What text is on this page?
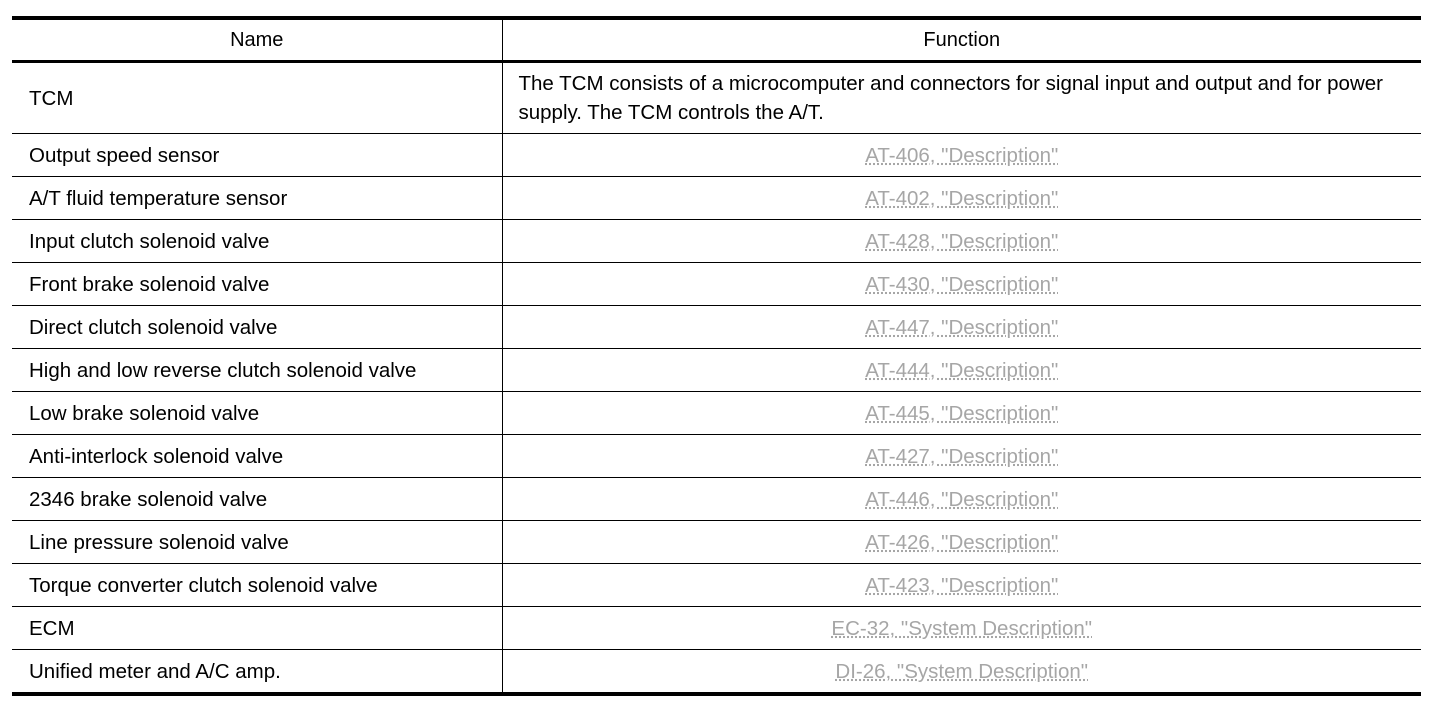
Name	Function
TCM	The TCM consists of a microcomputer and connectors for signal input and output and for power supply. The TCM controls the A/T.
Output speed sensor	AT-406, "Description"
A/T fluid temperature sensor	AT-402, "Description"
Input clutch solenoid valve	AT-428, "Description"
Front brake solenoid valve	AT-430, "Description"
Direct clutch solenoid valve	AT-447, "Description"
High and low reverse clutch solenoid valve	AT-444, "Description"
Low brake solenoid valve	AT-445, "Description"
Anti-interlock solenoid valve	AT-427, "Description"
2346 brake solenoid valve	AT-446, "Description"
Line pressure solenoid valve	AT-426, "Description"
Torque converter clutch solenoid valve	AT-423, "Description"
ECM	EC-32, "System Description"
Unified meter and A/C amp.	DI-26, "System Description"
